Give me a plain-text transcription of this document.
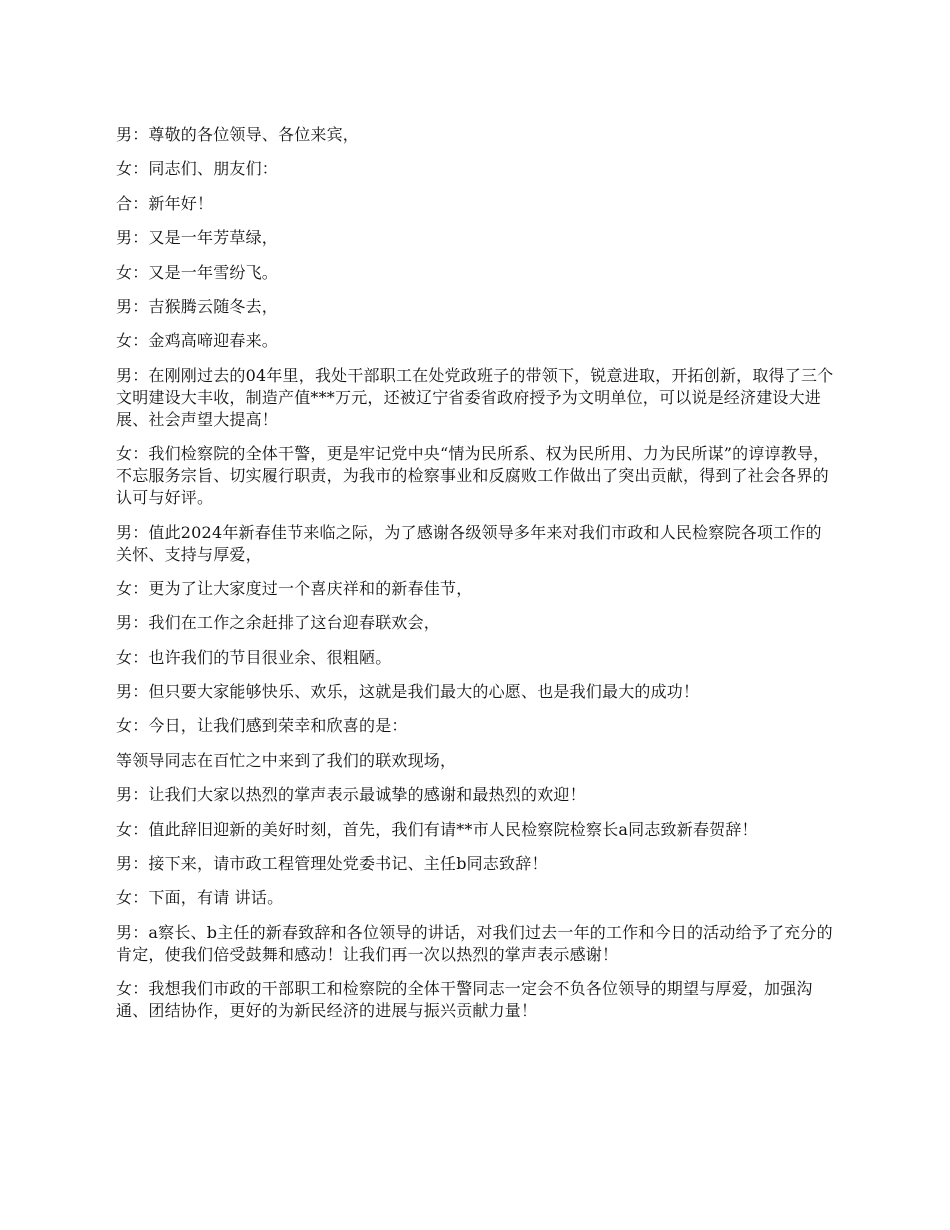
男：尊敬的各位领导、各位来宾，

女：同志们、朋友们：

合：新年好！

男：又是一年芳草绿，

女：又是一年雪纷飞。

男：吉猴腾云随冬去，

女：金鸡高啼迎春来。

男：在刚刚过去的04年里，我处干部职工在处党政班子的带领下，锐意进取，开拓创新，取得了三个文明建设大丰收，制造产值***万元，还被辽宁省委省政府授予为文明单位，可以说是经济建设大进展、社会声望大提高！

女：我们检察院的全体干警，更是牢记党中央“情为民所系、权为民所用、力为民所谋”的谆谆教导，不忘服务宗旨、切实履行职责，为我市的检察事业和反腐败工作做出了突出贡献，得到了社会各界的认可与好评。

男：值此2024年新春佳节来临之际，为了感谢各级领导多年来对我们市政和人民检察院各项工作的关怀、支持与厚爱，

女：更为了让大家度过一个喜庆祥和的新春佳节，

男：我们在工作之余赶排了这台迎春联欢会，

女：也许我们的节目很业余、很粗陋。

男：但只要大家能够快乐、欢乐，这就是我们最大的心愿、也是我们最大的成功！

女：今日，让我们感到荣幸和欣喜的是：

等领导同志在百忙之中来到了我们的联欢现场，

男：让我们大家以热烈的掌声表示最诚挚的感谢和最热烈的欢迎！

女：值此辞旧迎新的美好时刻，首先，我们有请**市人民检察院检察长a同志致新春贺辞！

男：接下来，请市政工程管理处党委书记、主任b同志致辞！

女：下面，有请 讲话。

男：a察长、b主任的新春致辞和各位领导的讲话，对我们过去一年的工作和今日的活动给予了充分的肯定，使我们倍受鼓舞和感动！让我们再一次以热烈的掌声表示感谢！

女：我想我们市政的干部职工和检察院的全体干警同志一定会不负各位领导的期望与厚爱，加强沟通、团结协作，更好的为新民经济的进展与振兴贡献力量！
